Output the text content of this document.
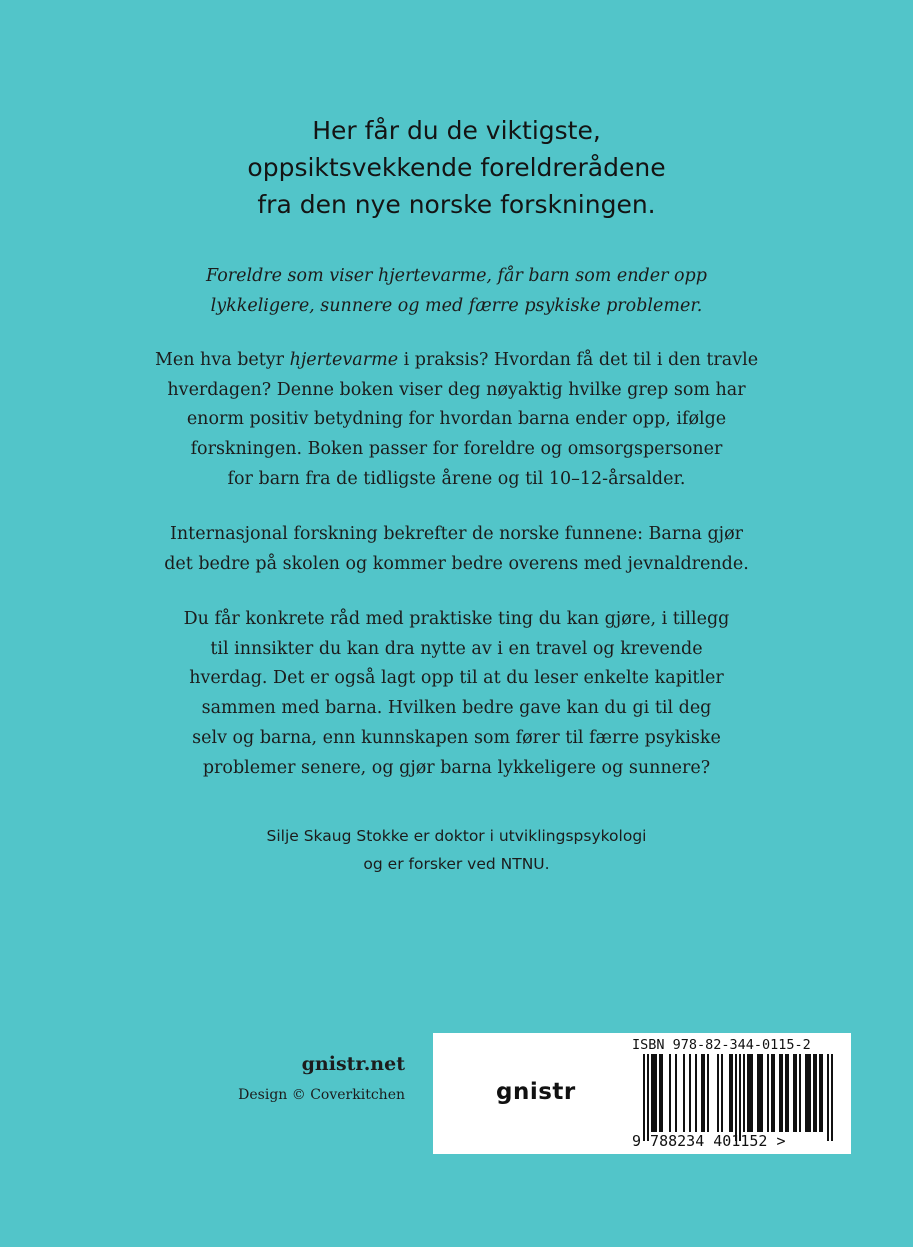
Her får du de viktigste,
oppsiktsvekkende foreldrerådene
fra den nye norske forskningen.
Foreldre som viser hjertevarme, får barn som ender opp
lykkeligere, sunnere og med færre psykiske problemer.
Men hva betyr hjertevarme i praksis? Hvordan få det til i den travle
hverdagen? Denne boken viser deg nøyaktig hvilke grep som har
enorm positiv betydning for hvordan barna ender opp, ifølge
forskningen. Boken passer for foreldre og omsorgspersoner
for barn fra de tidligste årene og til 10–12-årsalder.
Internasjonal forskning bekrefter de norske funnene: Barna gjør
det bedre på skolen og kommer bedre overens med jevnaldrende.
Du får konkrete råd med praktiske ting du kan gjøre, i tillegg
til innsikter du kan dra nytte av i en travel og krevende
hverdag. Det er også lagt opp til at du leser enkelte kapitler
sammen med barna. Hvilken bedre gave kan du gi til deg
selv og barna, enn kunnskapen som fører til færre psykiske
problemer senere, og gjør barna lykkeligere og sunnere?
Silje Skaug Stokke er doktor i utviklingspsykologi
og er forsker ved NTNU.
gnistr.net
Design © Coverkitchen	gnistr
ISBN 978-82-344-0115-2
9 788234 401152 >
